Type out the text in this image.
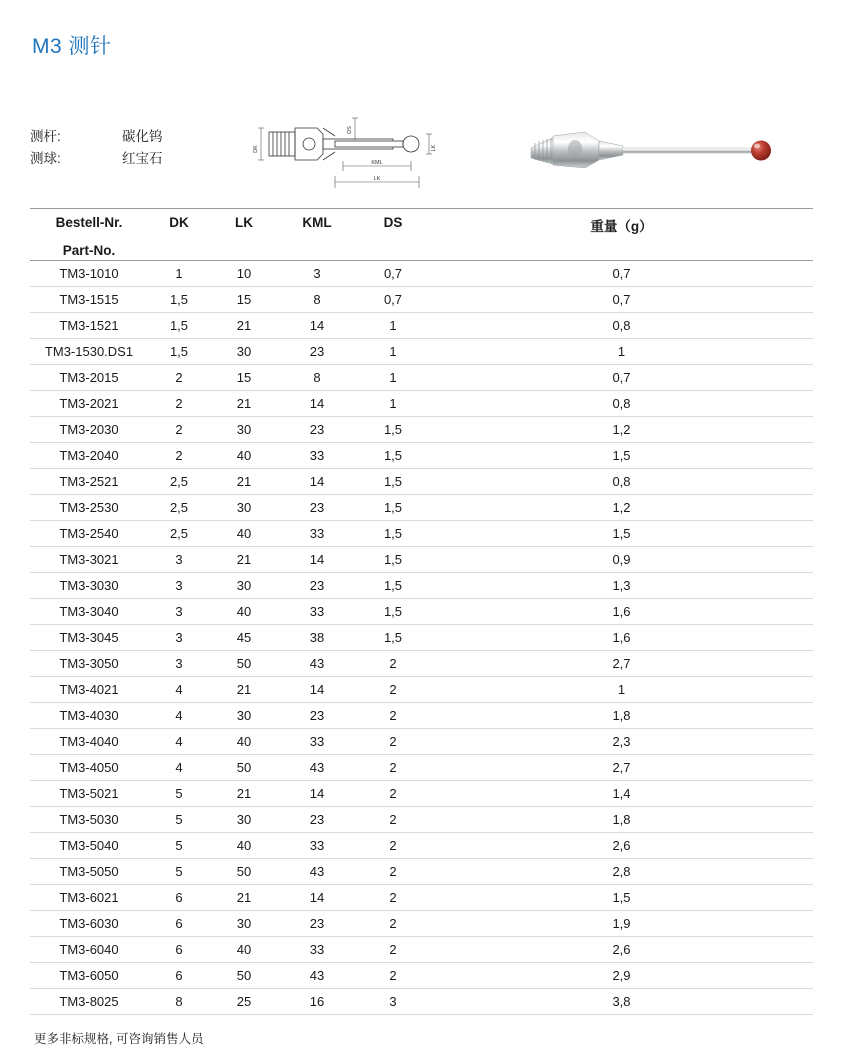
M3 测针
测杆:	碳化钨
测球:	红宝石
DK
DS
KML
LK
LK
Bestell-Nr.	DK	LK	KML	DS	重量（g）
Part-No.					
TM3-1010	1	10	3	0,7	0,7
TM3-1515	1,5	15	8	0,7	0,7
TM3-1521	1,5	21	14	1	0,8
TM3-1530.DS1	1,5	30	23	1	1
TM3-2015	2	15	8	1	0,7
TM3-2021	2	21	14	1	0,8
TM3-2030	2	30	23	1,5	1,2
TM3-2040	2	40	33	1,5	1,5
TM3-2521	2,5	21	14	1,5	0,8
TM3-2530	2,5	30	23	1,5	1,2
TM3-2540	2,5	40	33	1,5	1,5
TM3-3021	3	21	14	1,5	0,9
TM3-3030	3	30	23	1,5	1,3
TM3-3040	3	40	33	1,5	1,6
TM3-3045	3	45	38	1,5	1,6
TM3-3050	3	50	43	2	2,7
TM3-4021	4	21	14	2	1
TM3-4030	4	30	23	2	1,8
TM3-4040	4	40	33	2	2,3
TM3-4050	4	50	43	2	2,7
TM3-5021	5	21	14	2	1,4
TM3-5030	5	30	23	2	1,8
TM3-5040	5	40	33	2	2,6
TM3-5050	5	50	43	2	2,8
TM3-6021	6	21	14	2	1,5
TM3-6030	6	30	23	2	1,9
TM3-6040	6	40	33	2	2,6
TM3-6050	6	50	43	2	2,9
TM3-8025	8	25	16	3	3,8
更多非标规格, 可咨询销售人员
